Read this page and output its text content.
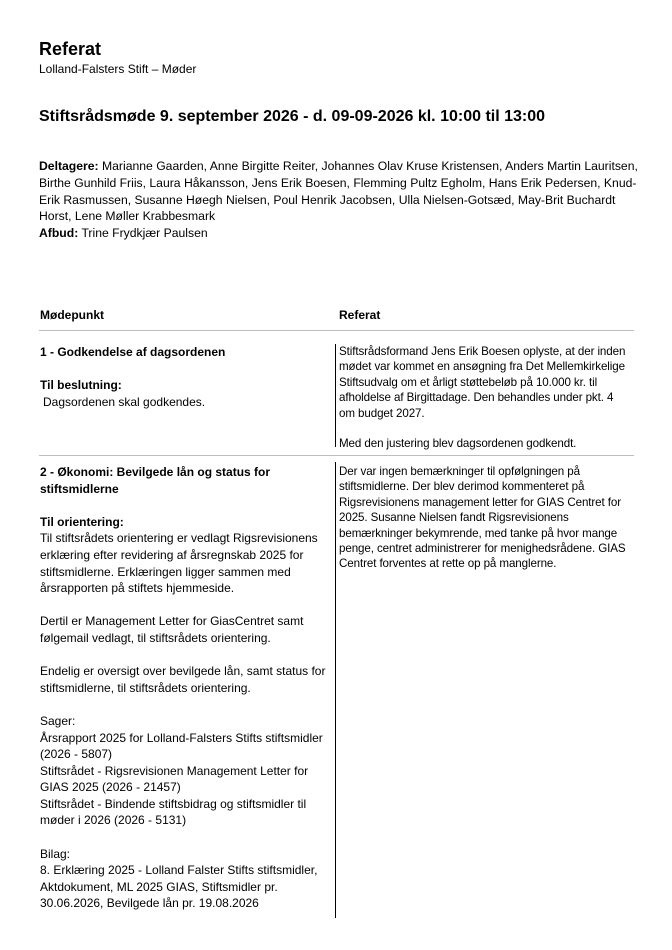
Referat
Lolland-Falsters Stift – Møder
Stiftsrådsmøde 9. september 2026 - d. 09-09-2026 kl. 10:00 til 13:00
Deltagere: Marianne Gaarden, Anne Birgitte Reiter, Johannes Olav Kruse Kristensen, Anders Martin Lauritsen, Birthe Gunhild Friis, Laura Håkansson, Jens Erik Boesen, Flemming Pultz Egholm, Hans Erik Pedersen, Knud-Erik Rasmussen, Susanne Høegh Nielsen, Poul Henrik Jacobsen, Ulla Nielsen-Gotsæd, May-Brit Buchardt Horst, Lene Møller Krabbesmark
Afbud: Trine Frydkjær Paulsen
Mødepunkt	Referat

1 - Godkendelse af dagsordenen

Til beslutning:

Dagsordenen skal godkendes.

Stiftsrådsformand Jens Erik Boesen oplyste, at der inden mødet var kommet en ansøgning fra Det Mellemkirkelige Stiftsudvalg om et årligt støttebeløb på 10.000 kr. til afholdelse af Birgittadage. Den behandles under pkt. 4 om budget 2027.

Med den justering blev dagsordenen godkendt.

2 - Økonomi: Bevilgede lån og status for stiftsmidlerne

Til orientering:

Til stiftsrådets orientering er vedlagt Rigsrevisionens erklæring efter revidering af årsregnskab 2025 for stiftsmidlerne. Erklæringen ligger sammen med årsrapporten på stiftets hjemmeside.

Dertil er Management Letter for GiasCentret samt følgemail vedlagt, til stiftsrådets orientering.

Endelig er oversigt over bevilgede lån, samt status for stiftsmidlerne, til stiftsrådets orientering.

Sager:

Årsrapport 2025 for Lolland-Falsters Stifts stiftsmidler (2026 - 5807)

Stiftsrådet - Rigsrevisionen Management Letter for GIAS 2025 (2026 - 21457)

Stiftsrådet - Bindende stiftsbidrag og stiftsmidler til møder i 2026 (2026 - 5131)

Bilag:

8. Erklæring 2025 - Lolland Falster Stifts stiftsmidler, Aktdokument, ML 2025 GIAS, Stiftsmidler pr. 30.06.2026, Bevilgede lån pr. 19.08.2026

Der var ingen bemærkninger til opfølgningen på stiftsmidlerne. Der blev derimod kommenteret på Rigsrevisionens management letter for GIAS Centret for 2025. Susanne Nielsen fandt Rigsrevisionens bemærkninger bekymrende, med tanke på hvor mange penge, centret administrerer for menighedsrådene. GIAS Centret forventes at rette op på manglerne.
